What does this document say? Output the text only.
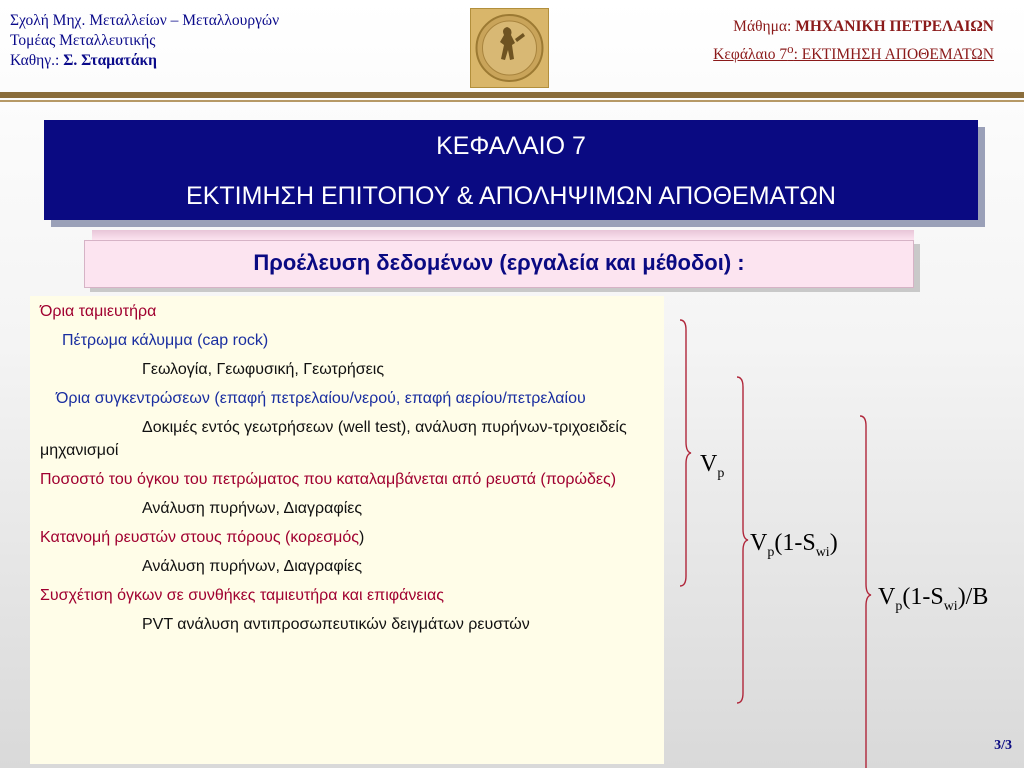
Σχολή Μηχ. Μεταλλείων – Μεταλλουργών
Τομέας Μεταλλευτικής
Καθηγ.: Σ. Σταματάκη
Μάθημα: ΜΗΧΑΝΙΚΗ ΠΕΤΡΕΛΑΙΩΝ
Κεφάλαιο $7^o$: ΕΚΤΙΜΗΣΗ ΑΠΟΘΕΜΑΤΩΝ
ΚΕΦΑΛΑΙΟ 7
ΕΚΤΙΜΗΣΗ ΕΠΙΤΟΠΟΥ & ΑΠΟΛΗΨΙΜΩΝ ΑΠΟΘΕΜΑΤΩΝ
Προέλευση δεδομένων (εργαλεία και μέθοδοι) :

Όρια ταμιευτήρα

Πέτρωμα κάλυμμα (cap rock)

Γεωλογία, Γεωφυσική, Γεωτρήσεις

Όρια συγκεντρώσεων (επαφή πετρελαίου/νερού, επαφή αερίου/πετρελαίου

Δοκιμές εντός γεωτρήσεων (well test), ανάλυση πυρήνων-τριχοειδείς μηχανισμοί

Ποσοστό του όγκου του πετρώματος που καταλαμβάνεται από ρευστά (πορώδες)

Ανάλυση πυρήνων, Διαγραφίες

Κατανομή ρευστών στους πόρους (κορεσμός)

Ανάλυση πυρήνων, Διαγραφίες

Συσχέτιση όγκων σε συνθήκες ταμιευτήρα και επιφάνειας

PVT ανάλυση αντιπροσωπευτικών δειγμάτων ρευστών

$V_p$
$V_p(1-S_{wi})$
$V_p(1-S_{wi})/B$
3/3
